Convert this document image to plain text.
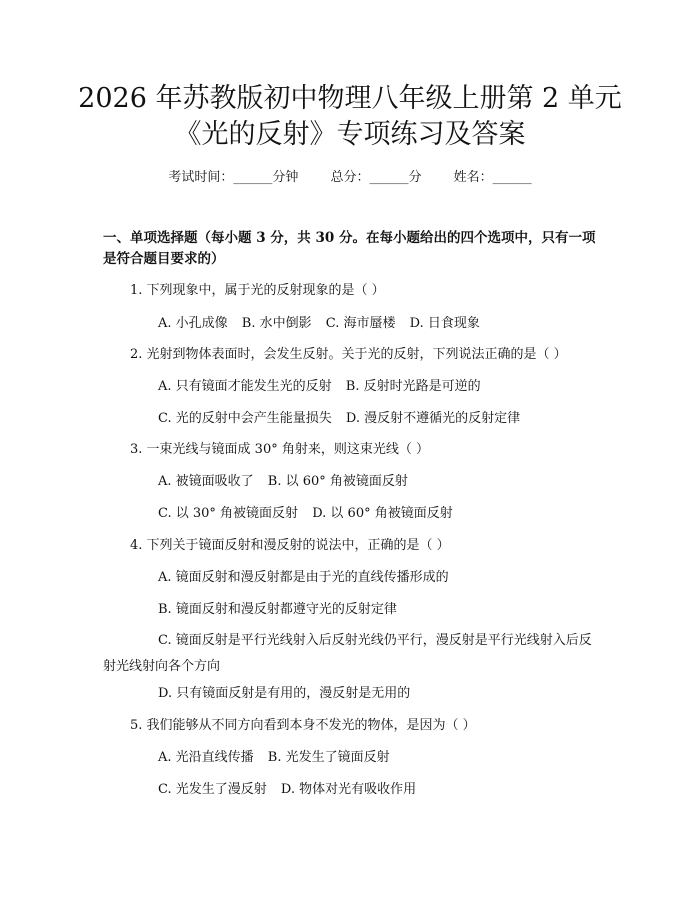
2026 年苏教版初中物理八年级上册第 2 单元
《光的反射》专项练习及答案
考试时间：______分钟 总分：______分 姓名：______
一、单项选择题（每小题 3 分，共 30 分。在每小题给出的四个选项中，只有一项是符合题目要求的）
1. 下列现象中，属于光的反射现象的是（ ）
A. 小孔成像 B. 水中倒影 C. 海市蜃楼 D. 日食现象
2. 光射到物体表面时，会发生反射。关于光的反射，下列说法正确的是（ ）
A. 只有镜面才能发生光的反射 B. 反射时光路是可逆的
C. 光的反射中会产生能量损失 D. 漫反射不遵循光的反射定律
3. 一束光线与镜面成 30° 角射来，则这束光线（ ）
A. 被镜面吸收了 B. 以 60° 角被镜面反射
C. 以 30° 角被镜面反射 D. 以 60° 角被镜面反射
4. 下列关于镜面反射和漫反射的说法中，正确的是（ ）
A. 镜面反射和漫反射都是由于光的直线传播形成的
B. 镜面反射和漫反射都遵守光的反射定律
C. 镜面反射是平行光线射入后反射光线仍平行，漫反射是平行光线射入后反射光线射向各个方向
D. 只有镜面反射是有用的，漫反射是无用的
5. 我们能够从不同方向看到本身不发光的物体，是因为（ ）
A. 光沿直线传播 B. 光发生了镜面反射
C. 光发生了漫反射 D. 物体对光有吸收作用
